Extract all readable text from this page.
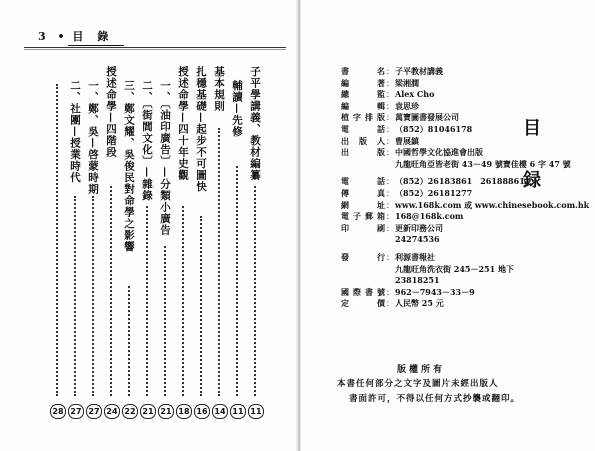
3 • 目錄
子平學講義、教材編纂
11
輔讀—先修
11
基本規則
14
扎穩基礎—起步不可圖快
16
授述命學—四十年史觀
18
一、〔油印廣告〕—分類小廣告
21
二、〔街閭文化〕—雜錄
21
三、鄭文耀、吳俊民對命學之影響
22
授述命學—四階段
24
一、鄭、吳—啓蒙時期
27
二、社團—授業時代
27
28
目録
書名 ： 子平教材講義
編著 ： 梁湘潤
總監 ： Alex Cho
編輯 ： 袁思珍
植字排版 ： 萬寶圖書發展公司
電話 ： （852）81046178
出版人 ： 曹展鎮
出版 ： 中國哲學文化協進會出版
九龍旺角亞皆老街 43－49 號寶佳樓 6 字 47 號
電話 ： （852）26183861　26188861
傳真 ： （852）26181277
網址 ： www.168k.com 或 www.chinesebook.com.hk
電子郵箱 ： 168@168k.com
印刷 ： 更新印務公司
24274536
發行 ： 利源書報社
九龍旺角洗衣街 245－251 地下
23818251
國際書號 ： 962－7943－33－9
定價 ： 人民幣 25 元
版權所有
本書任何部分之文字及圖片未經出版人
書面許可，不得以任何方式抄襲或翻印。
